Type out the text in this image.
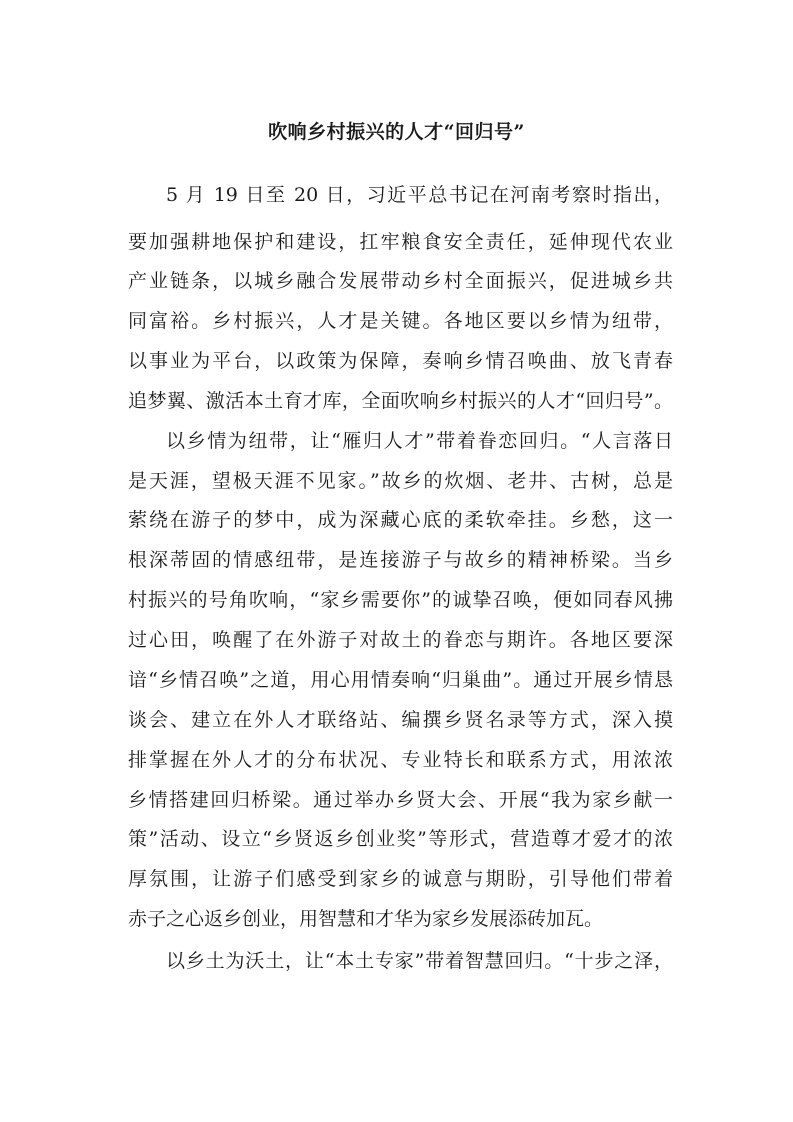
吹响乡村振兴的人才“回归号”
5 月 19 日至 20 日，习近平总书记在河南考察时指出，
要加强耕地保护和建设，扛牢粮食安全责任，延伸现代农业
产业链条，以城乡融合发展带动乡村全面振兴，促进城乡共
同富裕。乡村振兴，人才是关键。各地区要以乡情为纽带，
以事业为平台，以政策为保障，奏响乡情召唤曲、放飞青春
追梦翼、激活本土育才库，全面吹响乡村振兴的人才“回归号”。
以乡情为纽带，让“雁归人才”带着眷恋回归。“人言落日
是天涯，望极天涯不见家。”故乡的炊烟、老井、古树，总是
萦绕在游子的梦中，成为深藏心底的柔软牵挂。乡愁，这一
根深蒂固的情感纽带，是连接游子与故乡的精神桥梁。当乡
村振兴的号角吹响，“家乡需要你”的诚挚召唤，便如同春风拂
过心田，唤醒了在外游子对故土的眷恋与期许。各地区要深
谙“乡情召唤”之道，用心用情奏响“归巢曲”。通过开展乡情恳
谈会、建立在外人才联络站、编撰乡贤名录等方式，深入摸
排掌握在外人才的分布状况、专业特长和联系方式，用浓浓
乡情搭建回归桥梁。通过举办乡贤大会、开展“我为家乡献一
策”活动、设立“乡贤返乡创业奖”等形式，营造尊才爱才的浓
厚氛围，让游子们感受到家乡的诚意与期盼，引导他们带着
赤子之心返乡创业，用智慧和才华为家乡发展添砖加瓦。
以乡土为沃土，让“本土专家”带着智慧回归。“十步之泽，
